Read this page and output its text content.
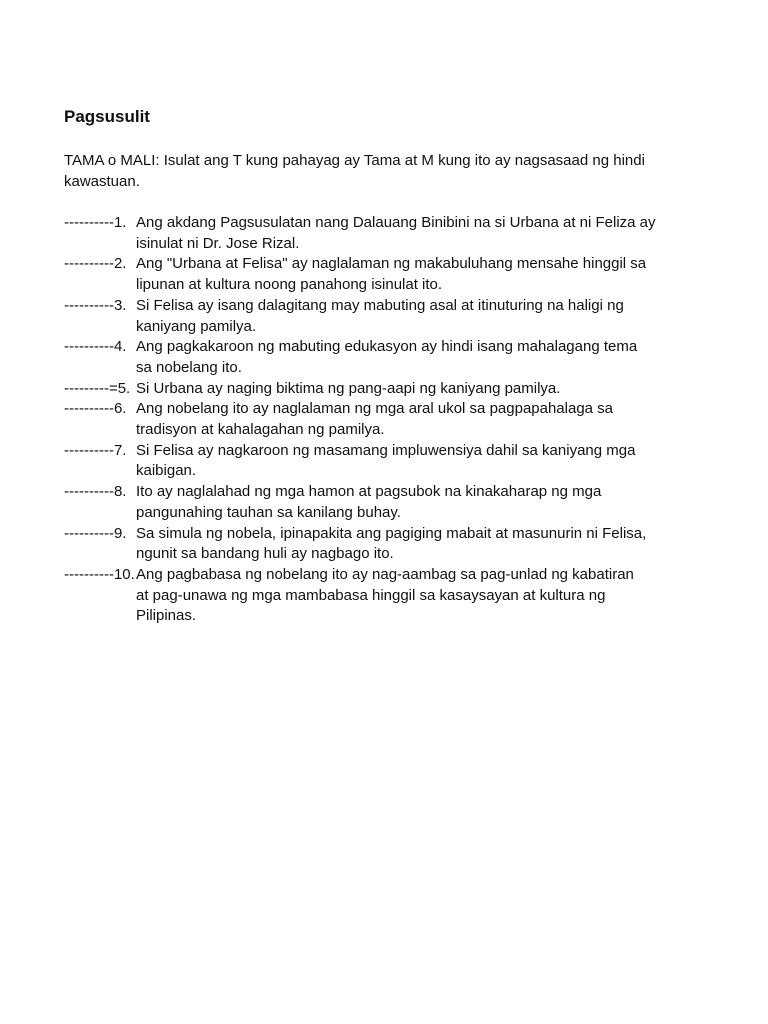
Pagsusulit

TAMA o MALI: Isulat ang T kung pahayag ay Tama at M kung ito ay nagsasaad ng hindi kawastuan.

----------1. Ang akdang Pagsusulatan nang Dalauang Binibini na si Urbana at ni Feliza ay
isinulat ni Dr. Jose Rizal.
----------2. Ang "Urbana at Felisa" ay naglalaman ng makabuluhang mensahe hinggil sa
lipunan at kultura noong panahong isinulat ito.
----------3. Si Felisa ay isang dalagitang may mabuting asal at itinuturing na haligi ng
kaniyang pamilya.
----------4. Ang pagkakaroon ng mabuting edukasyon ay hindi isang mahalagang tema
sa nobelang ito.
---------=5. Si Urbana ay naging biktima ng pang-aapi ng kaniyang pamilya.
----------6. Ang nobelang ito ay naglalaman ng mga aral ukol sa pagpapahalaga sa
tradisyon at kahalagahan ng pamilya.
----------7. Si Felisa ay nagkaroon ng masamang impluwensiya dahil sa kaniyang mga
kaibigan.
----------8. Ito ay naglalahad ng mga hamon at pagsubok na kinakaharap ng mga
pangunahing tauhan sa kanilang buhay.
----------9. Sa simula ng nobela, ipinapakita ang pagiging mabait at masunurin ni Felisa,
ngunit sa bandang huli ay nagbago ito.
----------10. Ang pagbabasa ng nobelang ito ay nag-aambag sa pag-unlad ng kabatiran
at pag-unawa ng mga mambabasa hinggil sa kasaysayan at kultura ng
Pilipinas.
